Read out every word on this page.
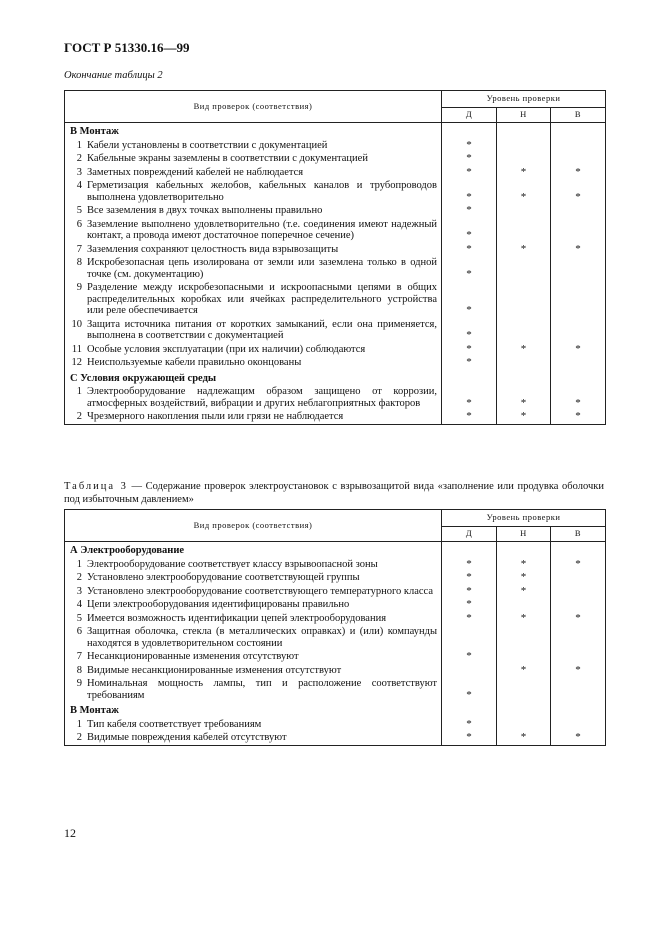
ГОСТ Р 51330.16—99
Окончание таблицы 2
Вид проверок (соответствия)	Уровень проверки		
	Д	Н	В
В Монтаж			

1 Кабели установлены в соответствии с документацией	*		

2 Кабельные экраны заземлены в соответствии с документацией	*		

3 Заметных повреждений кабелей не наблюдается	*	*	*

4 Герметизация кабельных желобов, кабельных каналов и трубопроводов выполнена удовлетворительно	*	*	*

5 Все заземления в двух точках выполнены правильно	*		

6 Заземление выполнено удовлетворительно (т.е. соединения имеют надежный контакт, а провода имеют достаточное поперечное сечение)	*		

7 Заземления сохраняют целостность вида взрывозащиты	*	*	*

8 Искробезопасная цепь изолирована от земли или заземлена только в одной точке (см. документацию)	*		

9 Разделение между искробезопасными и искроопасными цепями в общих распределительных коробках или ячейках распределительного устройства или реле обеспечивается	*		

10 Защита источника питания от коротких замыканий, если она применяется, выполнена в соответствии с документацией	*		

11 Особые условия эксплуатации (при их наличии) соблюдаются	*	*	*

12 Неиспользуемые кабели правильно оконцованы	*		
С Условия окружающей среды			

1 Электрооборудование надлежащим образом защищено от коррозии, атмосферных воздействий, вибрации и других неблагоприятных факторов	*	*	*

2 Чрезмерного накопления пыли или грязи не наблюдается	*	*	*
Таблица 3 — Содержание проверок электроустановок с взрывозащитой вида «заполнение или продувка оболочки под избыточным давлением»
Вид проверок (соответствия)	Уровень проверки		
	Д	Н	В
А Электрооборудование			

1 Электрооборудование соответствует классу взрывоопасной зоны	*	*	*

2 Установлено электрооборудование соответствующей группы	*	*	

3 Установлено электрооборудование соответствующего температурного класса	*	*	

4 Цепи электрооборудования идентифицированы правильно	*		

5 Имеется возможность идентификации цепей электрооборудования	*	*	*

6 Защитная оболочка, стекла (в металлических оправках) и (или) компаунды находятся в удовлетворительном состоянии			

7 Несанкционированные изменения отсутствуют	*		

8 Видимые несанкционированные изменения отсутствуют		*	*

9 Номинальная мощность лампы, тип и расположение соответствуют требованиям	*		
В Монтаж			

1 Тип кабеля соответствует требованиям	*		

2 Видимые повреждения кабелей отсутствуют	*	*	*
12
